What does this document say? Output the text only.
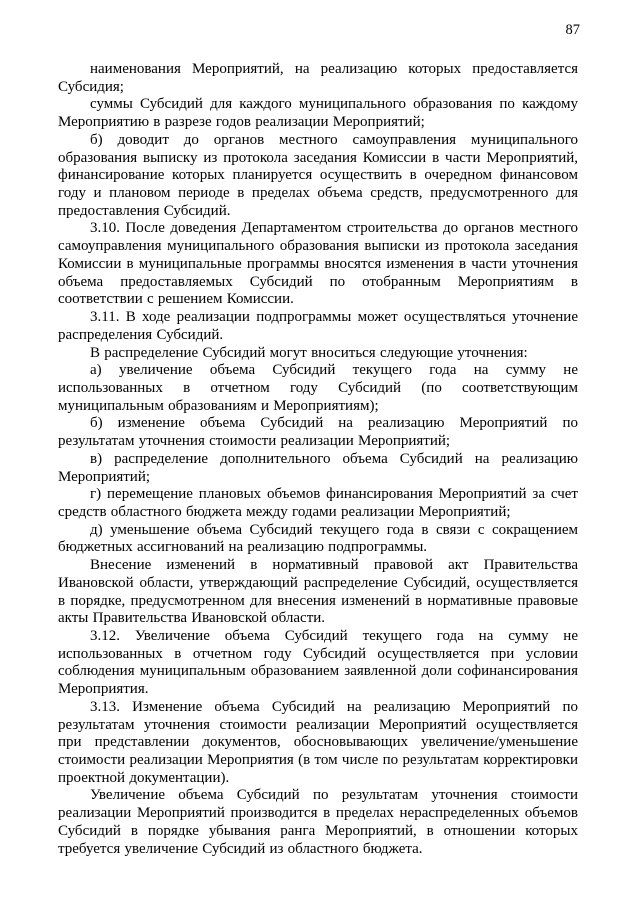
87

наименования Мероприятий, на реализацию которых предоставляется Субсидия;

суммы Субсидий для каждого муниципального образования по каждому Мероприятию в разрезе годов реализации Мероприятий;

б) доводит до органов местного самоуправления муниципального образования выписку из протокола заседания Комиссии в части Мероприятий, финансирование которых планируется осуществить в очередном финансовом году и плановом периоде в пределах объема средств, предусмотренного для предоставления Субсидий.

3.10. После доведения Департаментом строительства до органов местного самоуправления муниципального образования выписки из протокола заседания Комиссии в муниципальные программы вносятся изменения в части уточнения объема предоставляемых Субсидий по отобранным Мероприятиям в соответствии с решением Комиссии.

3.11. В ходе реализации подпрограммы может осуществляться уточнение распределения Субсидий.

В распределение Субсидий могут вноситься следующие уточнения:

а) увеличение объема Субсидий текущего года на сумму не использованных в отчетном году Субсидий (по соответствующим муниципальным образованиям и Мероприятиям);

б) изменение объема Субсидий на реализацию Мероприятий по результатам уточнения стоимости реализации Мероприятий;

в) распределение дополнительного объема Субсидий на реализацию Мероприятий;

г) перемещение плановых объемов финансирования Мероприятий за счет средств областного бюджета между годами реализации Мероприятий;

д) уменьшение объема Субсидий текущего года в связи с сокращением бюджетных ассигнований на реализацию подпрограммы.

Внесение изменений в нормативный правовой акт Правительства Ивановской области, утверждающий распределение Субсидий, осуществляется в порядке, предусмотренном для внесения изменений в нормативные правовые акты Правительства Ивановской области.

3.12. Увеличение объема Субсидий текущего года на сумму не использованных в отчетном году Субсидий осуществляется при условии соблюдения муниципальным образованием заявленной доли софинансирования Мероприятия.

3.13. Изменение объема Субсидий на реализацию Мероприятий по результатам уточнения стоимости реализации Мероприятий осуществляется при представлении документов, обосновывающих увеличение/уменьшение стоимости реализации Мероприятия (в том числе по результатам корректировки проектной документации).

Увеличение объема Субсидий по результатам уточнения стоимости реализации Мероприятий производится в пределах нераспределенных объемов Субсидий в порядке убывания ранга Мероприятий, в отношении которых требуется увеличение Субсидий из областного бюджета.
